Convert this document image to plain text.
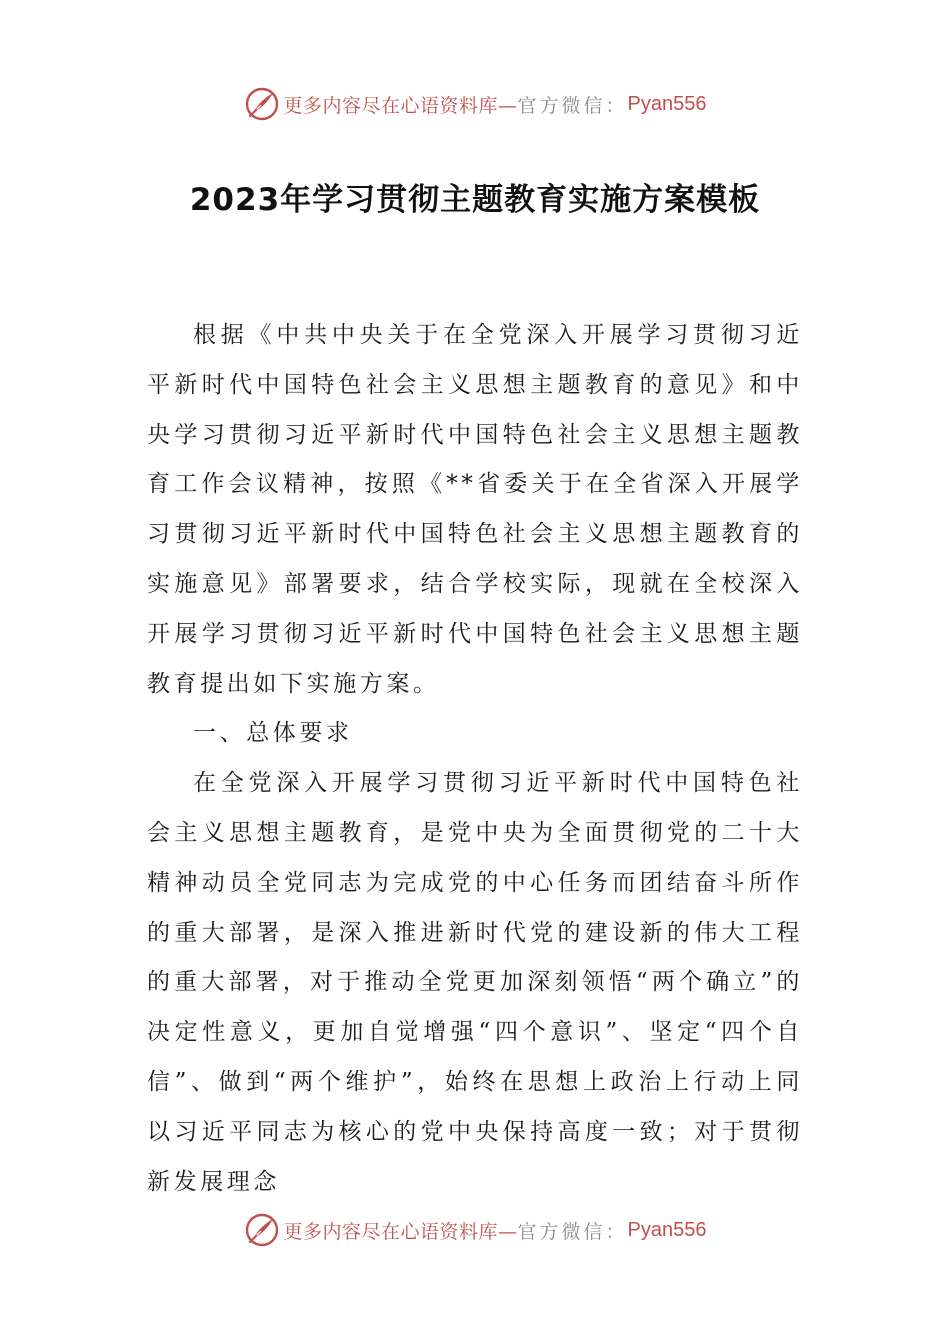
更多内容尽在心语资料库— 官方微信： Pyan556
2023年学习贯彻主题教育实施方案模板

根据《中共中央关于在全党深入开展学习贯彻习近平新时代中国特色社会主义思想主题教育的意见》和中央学习贯彻习近平新时代中国特色社会主义思想主题教育工作会议精神，按照《**省委关于在全省深入开展学习贯彻习近平新时代中国特色社会主义思想主题教育的实施意见》部署要求，结合学校实际，现就在全校深入开展学习贯彻习近平新时代中国特色社会主义思想主题教育提出如下实施方案。

一、总体要求

在全党深入开展学习贯彻习近平新时代中国特色社会主义思想主题教育，是党中央为全面贯彻党的二十大精神动员全党同志为完成党的中心任务而团结奋斗所作的重大部署，是深入推进新时代党的建设新的伟大工程的重大部署，对于推动全党更加深刻领悟“两个确立”的决定性意义，更加自觉增强“四个意识”、坚定“四个自信”、做到“两个维护”，始终在思想上政治上行动上同以习近平同志为核心的党中央保持高度一致；对于贯彻新发展理念

更多内容尽在心语资料库— 官方微信： Pyan556
